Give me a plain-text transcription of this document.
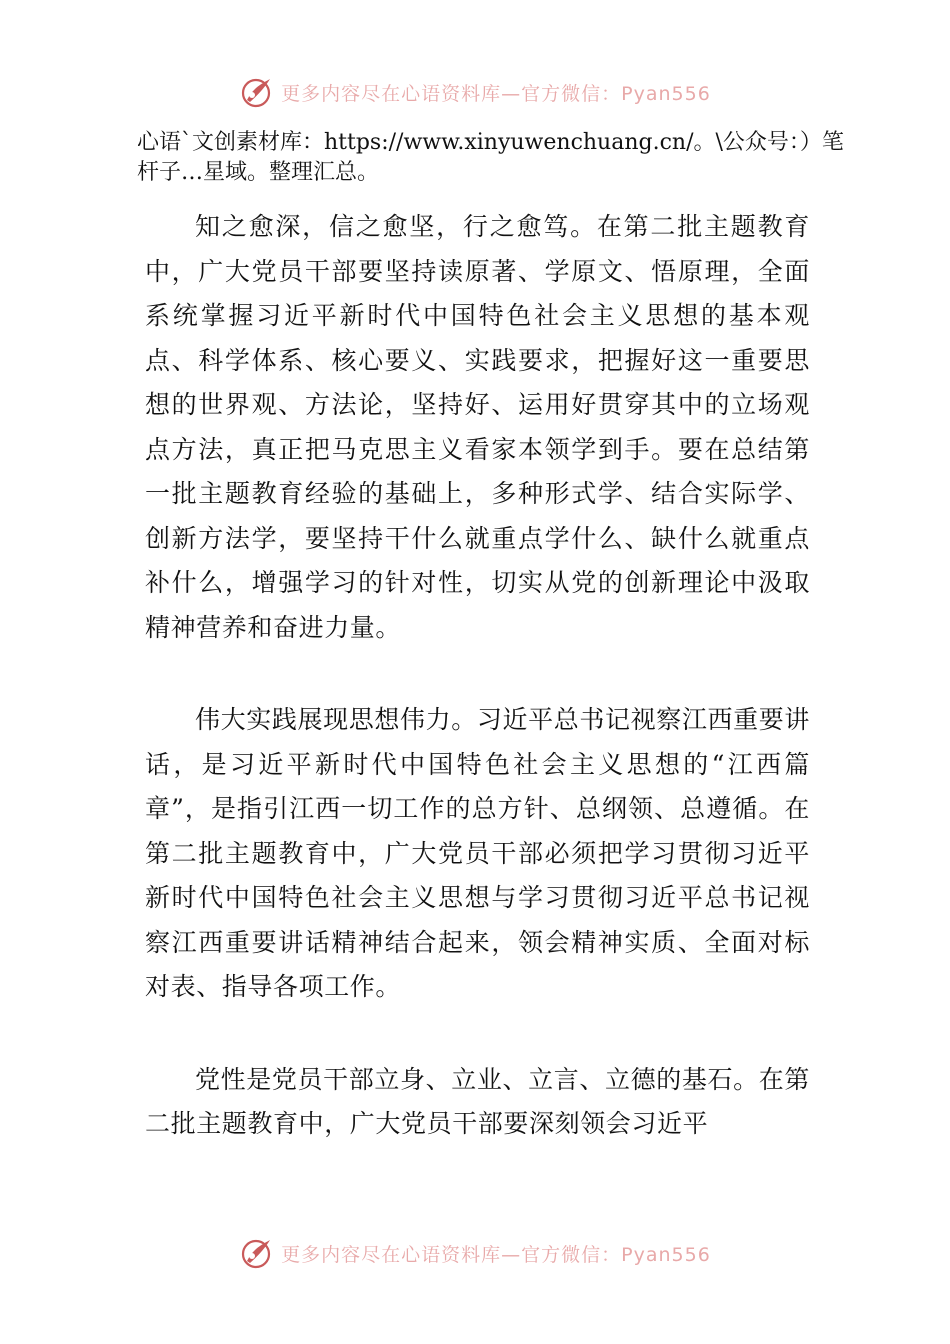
更多内容尽在心语资料库—官方微信：Pyan556
心语`文创素材库：https://www.xinyuwenchuang.cn/。\公众号：）笔杆子…星域。整理汇总。

知之愈深，信之愈坚，行之愈笃。在第二批主题教育中，广大党员干部要坚持读原著、学原文、悟原理，全面系统掌握习近平新时代中国特色社会主义思想的基本观点、科学体系、核心要义、实践要求，把握好这一重要思想的世界观、方法论，坚持好、运用好贯穿其中的立场观点方法，真正把马克思主义看家本领学到手。要在总结第一批主题教育经验的基础上，多种形式学、结合实际学、创新方法学，要坚持干什么就重点学什么、缺什么就重点补什么，增强学习的针对性，切实从党的创新理论中汲取精神营养和奋进力量。

伟大实践展现思想伟力。习近平总书记视察江西重要讲话，是习近平新时代中国特色社会主义思想的“江西篇章”，是指引江西一切工作的总方针、总纲领、总遵循。在第二批主题教育中，广大党员干部必须把学习贯彻习近平新时代中国特色社会主义思想与学习贯彻习近平总书记视察江西重要讲话精神结合起来，领会精神实质、全面对标对表、指导各项工作。

党性是党员干部立身、立业、立言、立德的基石。在第二批主题教育中，广大党员干部要深刻领会习近平

更多内容尽在心语资料库—官方微信：Pyan556
